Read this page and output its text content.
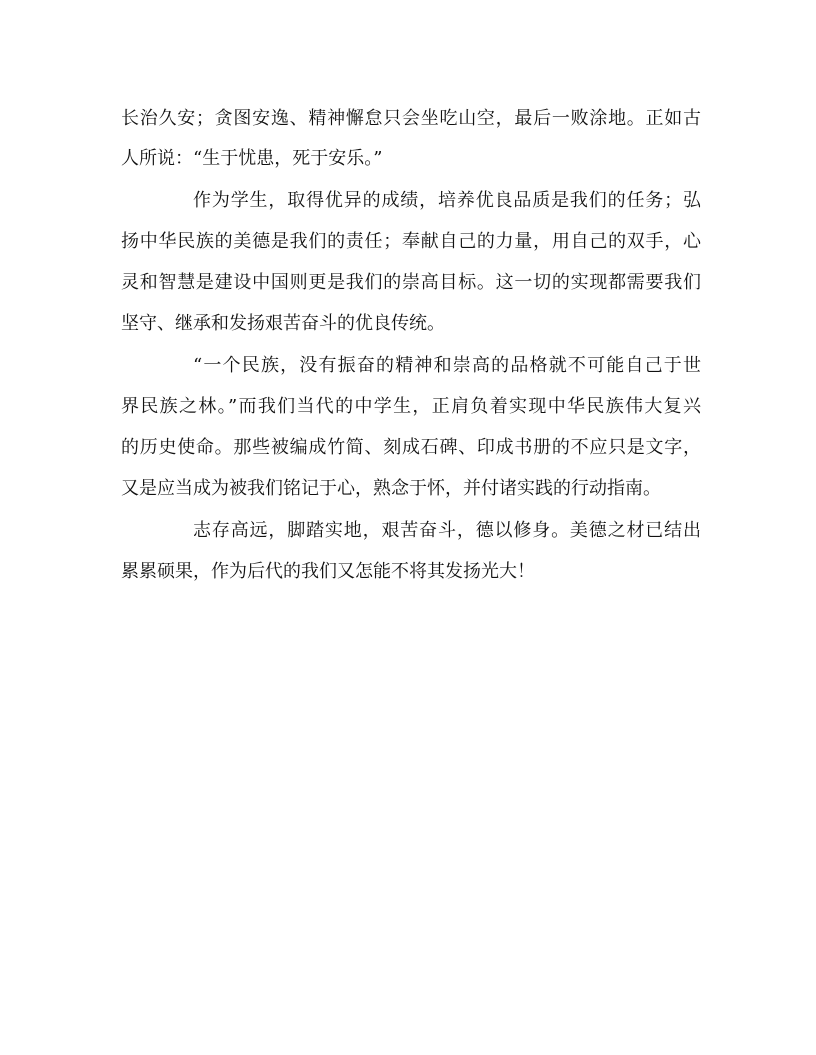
长治久安；贪图安逸、精神懈怠只会坐吃山空，最后一败涂地。正如古

人所说：“生于忧患，死于安乐。”

作为学生，取得优异的成绩，培养优良品质是我们的任务；弘

扬中华民族的美德是我们的责任；奉献自己的力量，用自己的双手，心

灵和智慧是建设中国则更是我们的崇高目标。这一切的实现都需要我们

坚守、继承和发扬艰苦奋斗的优良传统。

“一个民族，没有振奋的精神和崇高的品格就不可能自己于世

界民族之林。”而我们当代的中学生，正肩负着实现中华民族伟大复兴

的历史使命。那些被编成竹简、刻成石碑、印成书册的不应只是文字，

又是应当成为被我们铭记于心，熟念于怀，并付诸实践的行动指南。

志存高远，脚踏实地，艰苦奋斗，德以修身。美德之材已结出

累累硕果，作为后代的我们又怎能不将其发扬光大！
